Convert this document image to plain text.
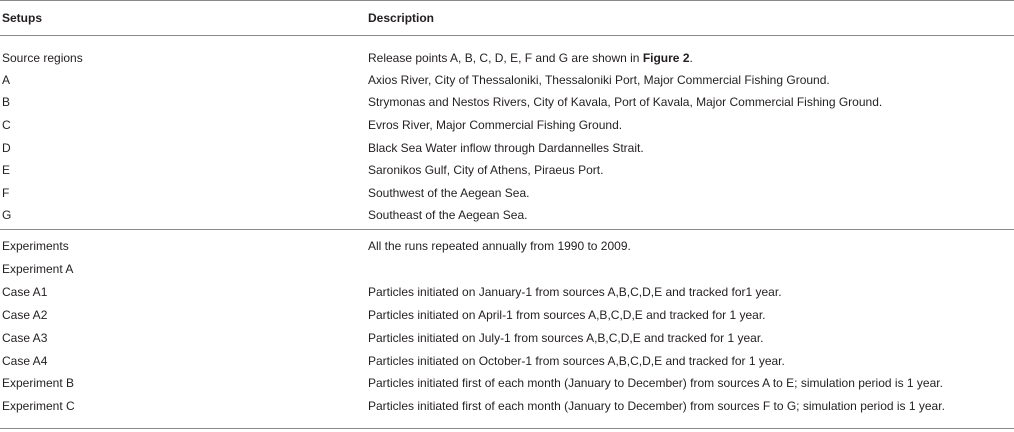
Setups	Description
Source regions	Release points A, B, C, D, E, F and G are shown in Figure 2.
A	Axios River, City of Thessaloniki, Thessaloniki Port, Major Commercial Fishing Ground.
B	Strymonas and Nestos Rivers, City of Kavala, Port of Kavala, Major Commercial Fishing Ground.
C	Evros River, Major Commercial Fishing Ground.
D	Black Sea Water inflow through Dardannelles Strait.
E	Saronikos Gulf, City of Athens, Piraeus Port.
F	Southwest of the Aegean Sea.
G	Southeast of the Aegean Sea.
Experiments	All the runs repeated annually from 1990 to 2009.
Experiment A
Case A1	Particles initiated on January-1 from sources A,B,C,D,E and tracked for1 year.
Case A2	Particles initiated on April-1 from sources A,B,C,D,E and tracked for 1 year.
Case A3	Particles initiated on July-1 from sources A,B,C,D,E and tracked for 1 year.
Case A4	Particles initiated on October-1 from sources A,B,C,D,E and tracked for 1 year.
Experiment B	Particles initiated first of each month (January to December) from sources A to E; simulation period is 1 year.
Experiment C	Particles initiated first of each month (January to December) from sources F to G; simulation period is 1 year.
